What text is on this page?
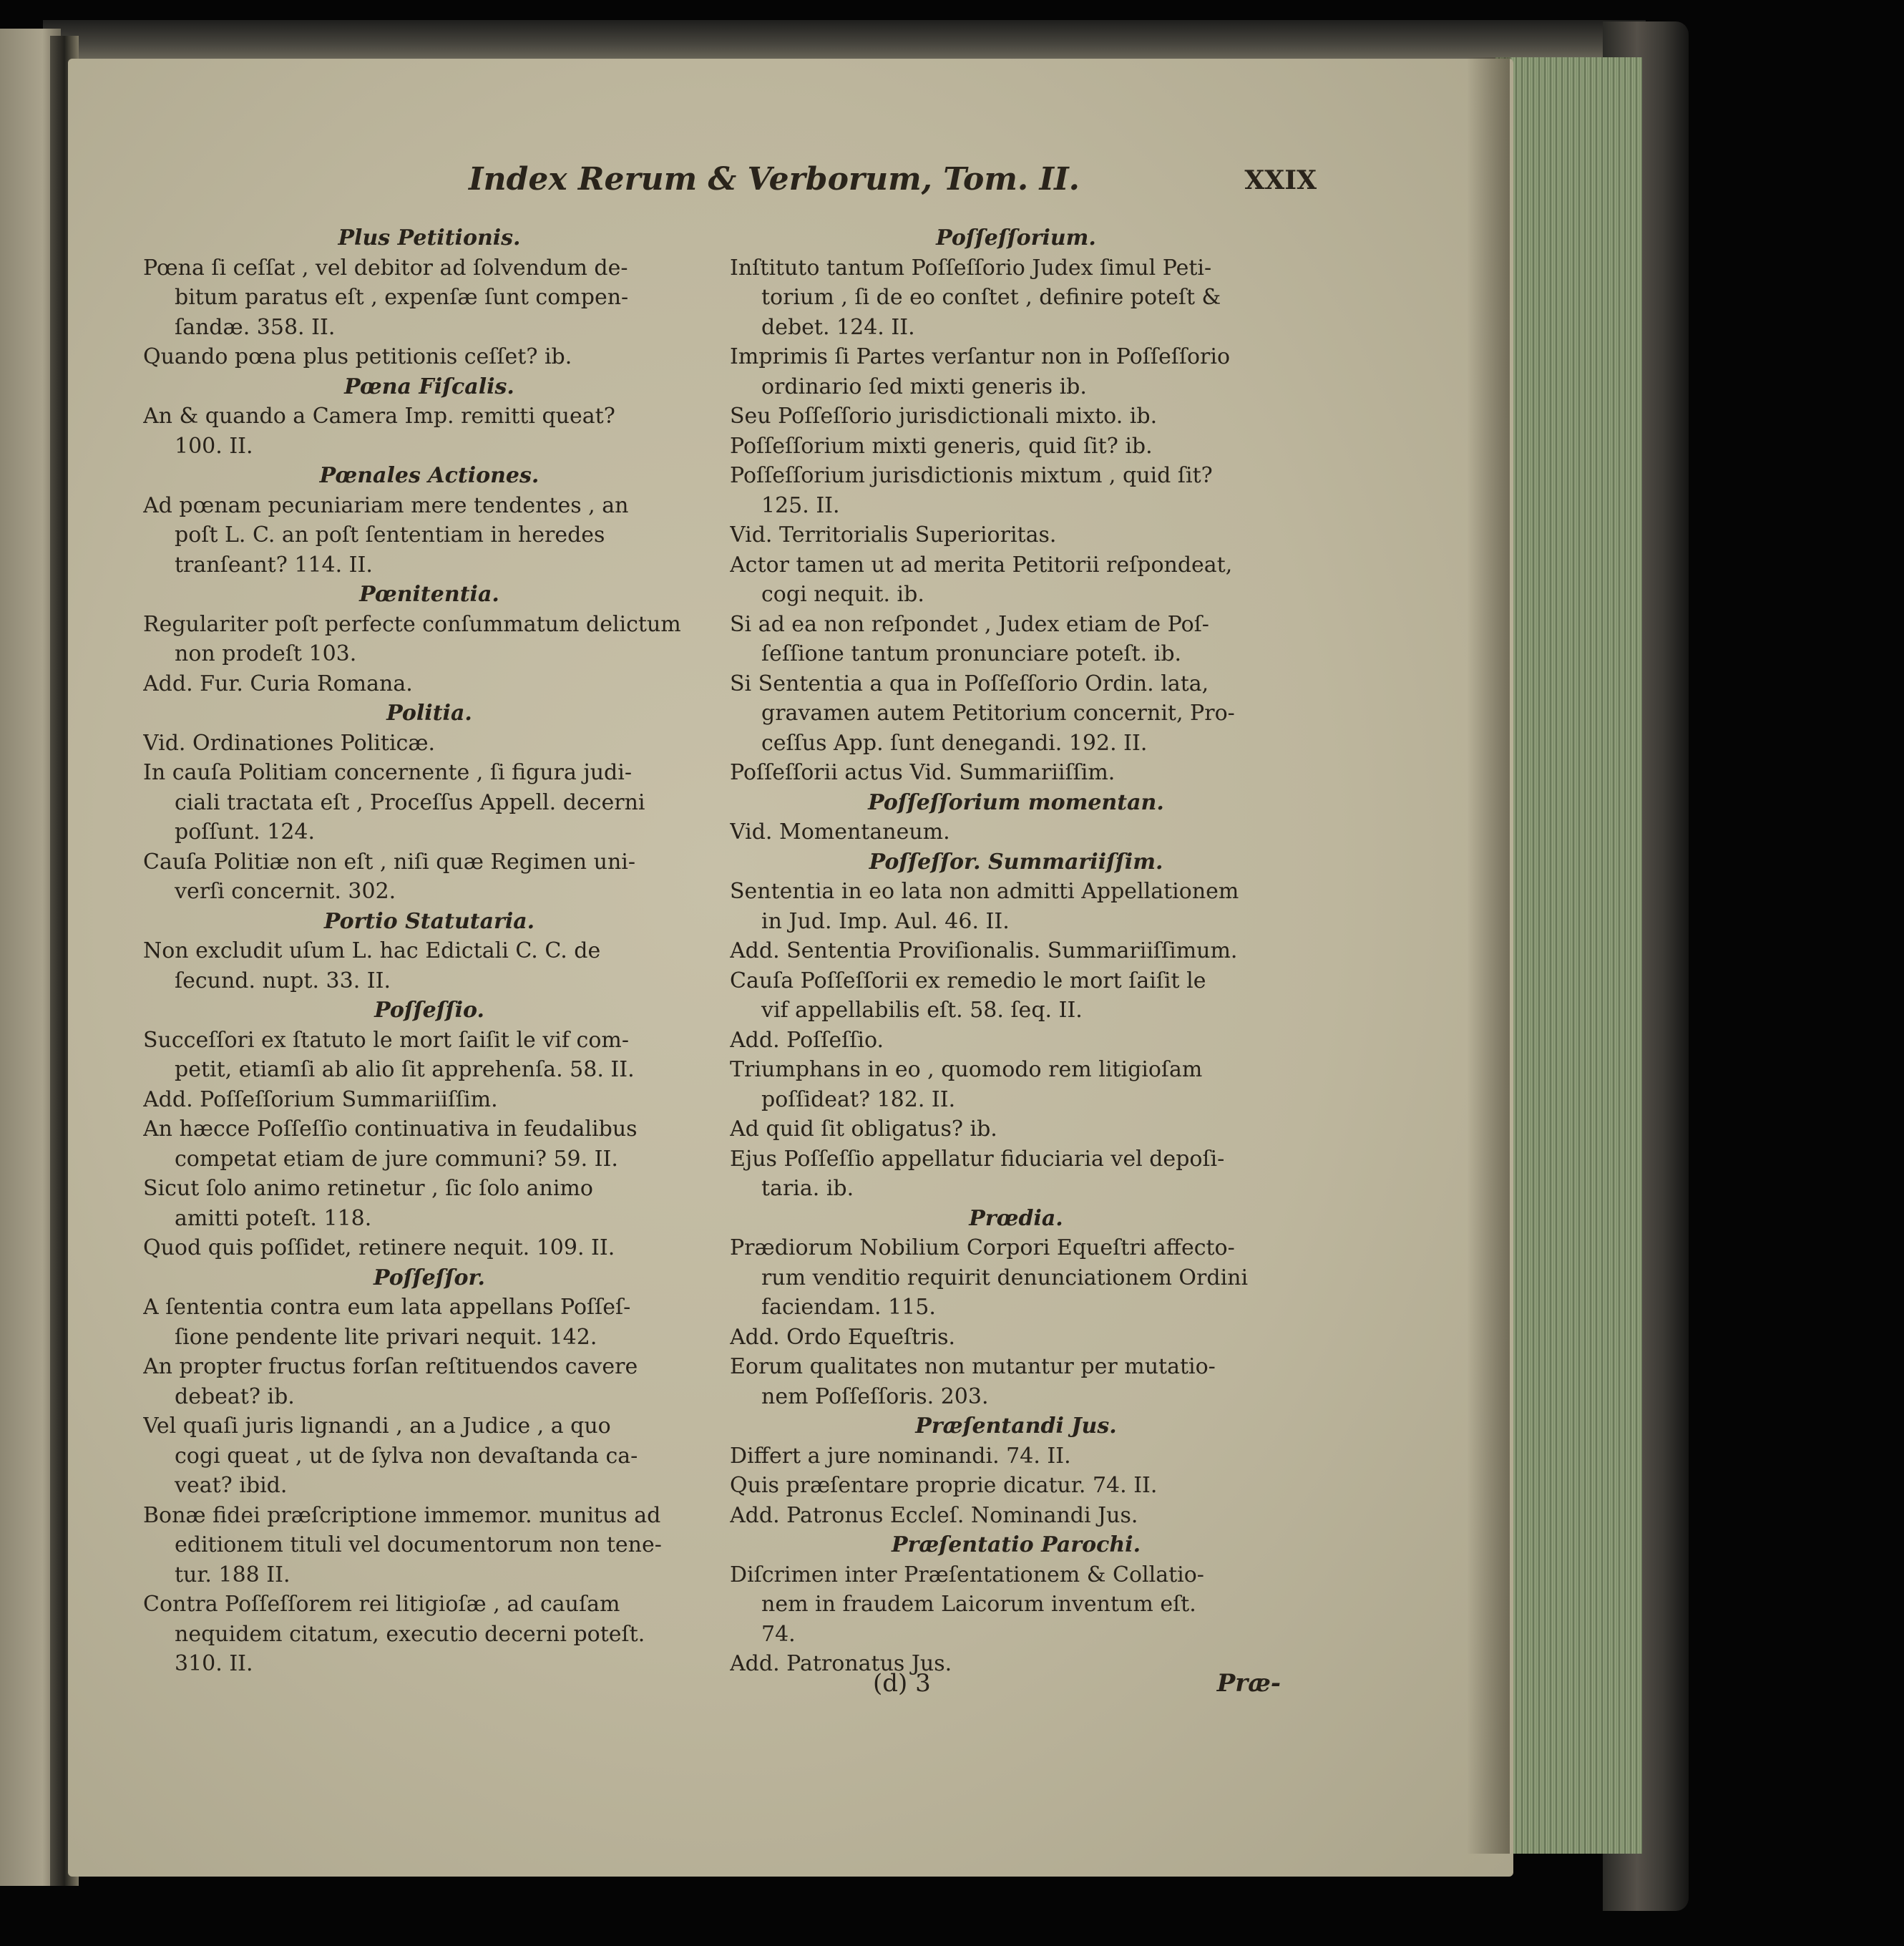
Index Rerum & Verborum, Tom. II.	XXIX
Plus Petitionis.
Pœna ſi ceſſat , vel debitor ad ſolvendum de-
bitum paratus eſt , expenſæ ſunt compen-
ſandæ. 358. II.
Quando pœna plus petitionis ceſſet? ib.
Pœna Fiſcalis.
An & quando a Camera Imp. remitti queat?
100. II.
Pœnales Actiones.
Ad pœnam pecuniariam mere tendentes , an
poſt L. C. an poſt ſententiam in heredes
tranſeant? 114. II.
Pœnitentia.
Regulariter poſt perfecte conſummatum delictum
non prodeſt 103.
Add. Fur. Curia Romana.
Politia.
Vid. Ordinationes Politicæ.
In cauſa Politiam concernente , ſi figura judi-
ciali tractata eſt , Proceſſus Appell. decerni
poſſunt. 124.
Cauſa Politiæ non eſt , niſi quæ Regimen uni-
verſi concernit. 302.
Portio Statutaria.
Non excludit uſum L. hac Edictali C. C. de
ſecund. nupt. 33. II.
Poſſeſſio.
Succeſſori ex ſtatuto le mort ſaiſit le vif com-
petit, etiamſi ab alio ſit apprehenſa. 58. II.
Add. Poſſeſſorium Summariiſſim.
An hæcce Poſſeſſio continuativa in feudalibus
competat etiam de jure communi? 59. II.
Sicut ſolo animo retinetur , ſic ſolo animo
amitti poteſt. 118.
Quod quis poſſidet, retinere nequit. 109. II.
Poſſeſſor.
A ſententia contra eum lata appellans Poſſeſ-
ſione pendente lite privari nequit. 142.
An propter fructus forſan reſtituendos cavere
debeat? ib.
Vel quaſi juris lignandi , an a Judice , a quo
cogi queat , ut de ſylva non devaſtanda ca-
veat? ibid.
Bonæ fidei præſcriptione immemor. munitus ad
editionem tituli vel documentorum non tene-
tur. 188 II.
Contra Poſſeſſorem rei litigioſæ , ad cauſam
nequidem citatum, executio decerni poteſt.
310. II.
Poſſeſſorium.
Inſtituto tantum Poſſeſſorio Judex ſimul Peti-
torium , ſi de eo conſtet , definire poteſt &
debet. 124. II.
Imprimis ſi Partes verſantur non in Poſſeſſorio
ordinario ſed mixti generis ib.
Seu Poſſeſſorio jurisdictionali mixto. ib.
Poſſeſſorium mixti generis, quid ſit? ib.
Poſſeſſorium jurisdictionis mixtum , quid ſit?
125. II.
Vid. Territorialis Superioritas.
Actor tamen ut ad merita Petitorii reſpondeat,
cogi nequit. ib.
Si ad ea non reſpondet , Judex etiam de Poſ-
ſeſſione tantum pronunciare poteſt. ib.
Si Sententia a qua in Poſſeſſorio Ordin. lata,
gravamen autem Petitorium concernit, Pro-
ceſſus App. ſunt denegandi. 192. II.
Poſſeſſorii actus Vid. Summariiſſim.
Poſſeſſorium momentan.
Vid. Momentaneum.
Poſſeſſor. Summariiſſim.
Sententia in eo lata non admitti Appellationem
in Jud. Imp. Aul. 46. II.
Add. Sententia Proviſionalis. Summariiſſimum.
Cauſa Poſſeſſorii ex remedio le mort ſaiſit le
vif appellabilis eſt. 58. ſeq. II.
Add. Poſſeſſio.
Triumphans in eo , quomodo rem litigioſam
poſſideat? 182. II.
Ad quid ſit obligatus? ib.
Ejus Poſſeſſio appellatur fiduciaria vel depoſi-
taria. ib.
Prœdia.
Prædiorum Nobilium Corpori Equeſtri affecto-
rum venditio requirit denunciationem Ordini
faciendam. 115.
Add. Ordo Equeſtris.
Eorum qualitates non mutantur per mutatio-
nem Poſſeſſoris. 203.
Præſentandi Jus.
Differt a jure nominandi. 74. II.
Quis præſentare proprie dicatur. 74. II.
Add. Patronus Eccleſ. Nominandi Jus.
Præſentatio Parochi.
Diſcrimen inter Præſentationem & Collatio-
nem in fraudem Laicorum inventum eſt.
74.
Add. Patronatus Jus.
(d) 3	Præ-
